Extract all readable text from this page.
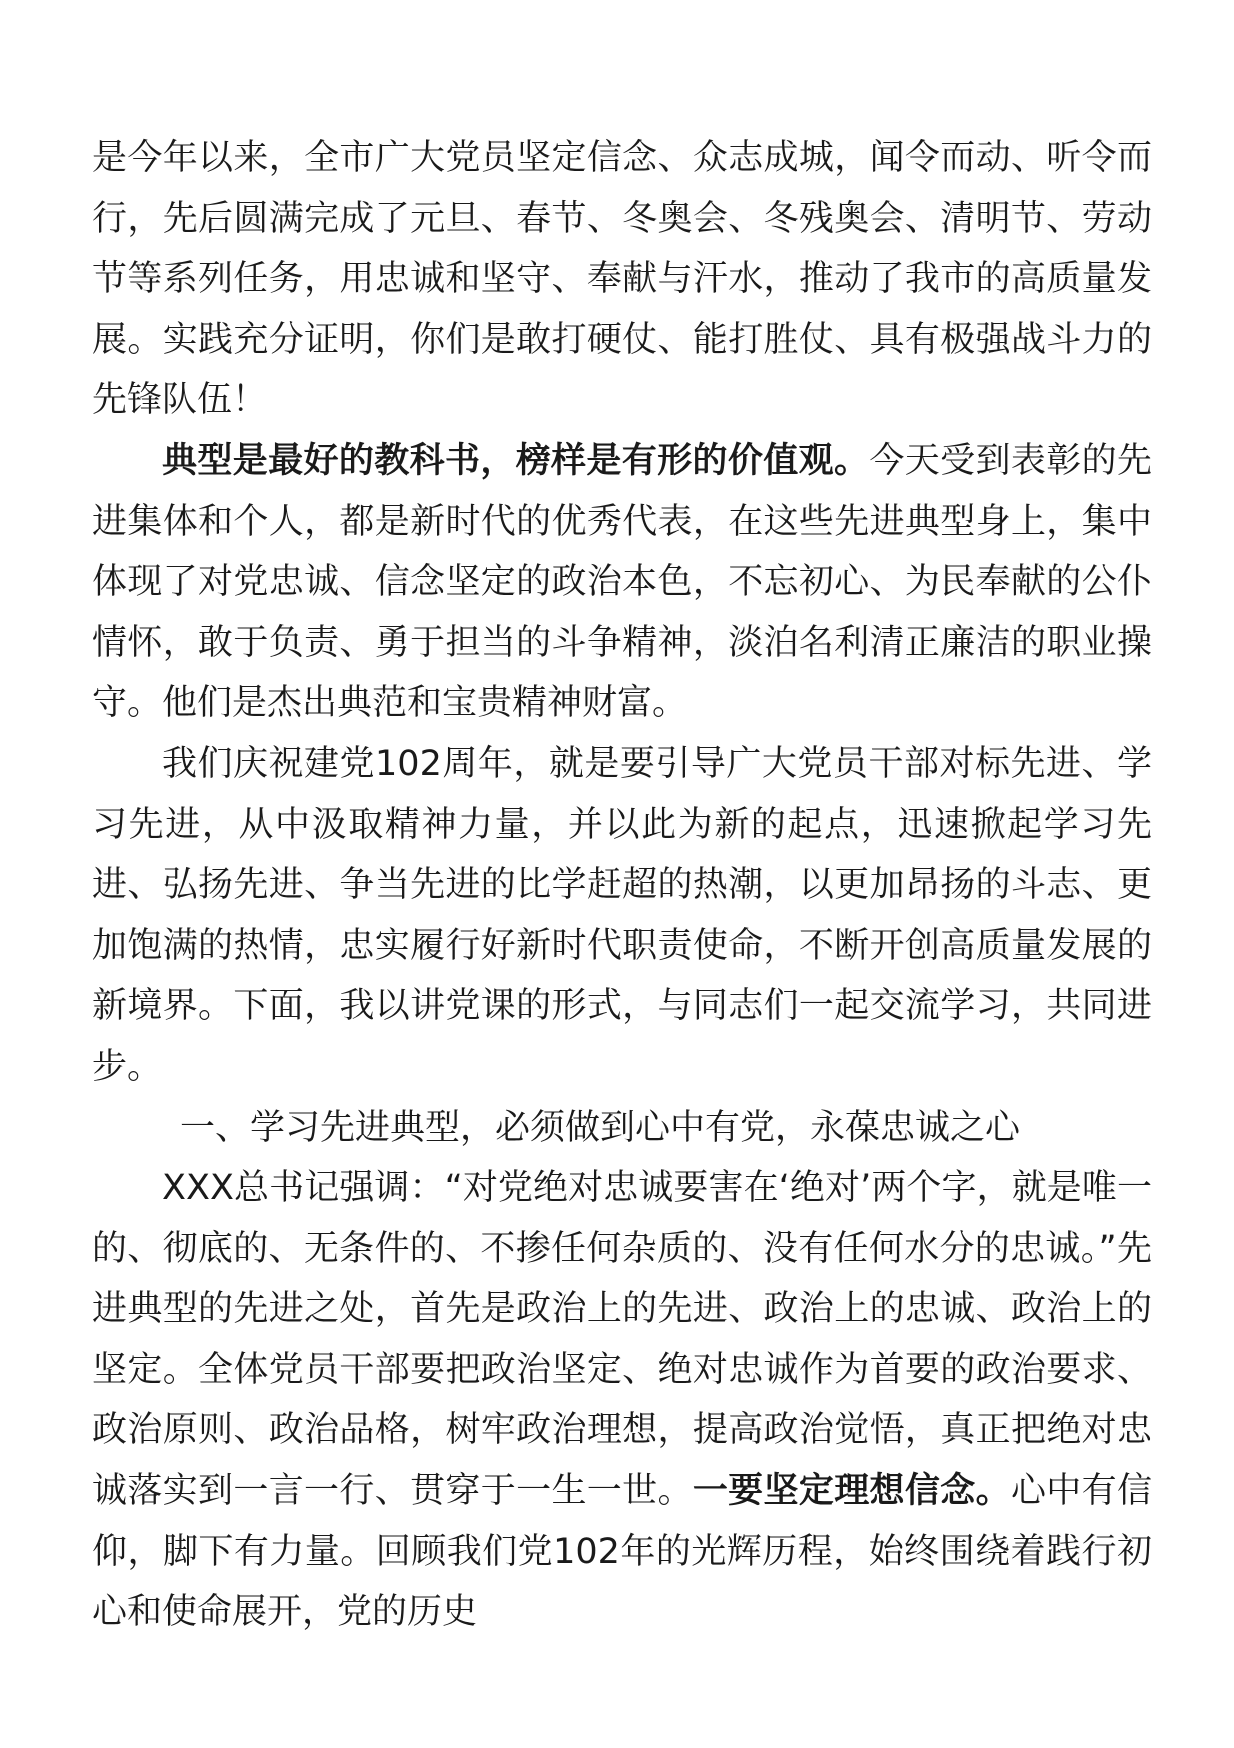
是今年以来，全市广大党员坚定信念、众志成城，闻令而动、听令而行，先后圆满完成了元旦、春节、冬奥会、冬残奥会、清明节、劳动节等系列任务，用忠诚和坚守、奉献与汗水，推动了我市的高质量发展。实践充分证明，你们是敢打硬仗、能打胜仗、具有极强战斗力的先锋队伍！

典型是最好的教科书，榜样是有形的价值观。今天受到表彰的先进集体和个人，都是新时代的优秀代表，在这些先进典型身上，集中体现了对党忠诚、信念坚定的政治本色，不忘初心、为民奉献的公仆情怀，敢于负责、勇于担当的斗争精神，淡泊名利清正廉洁的职业操守。他们是杰出典范和宝贵精神财富。

我们庆祝建党102周年，就是要引导广大党员干部对标先进、学习先进，从中汲取精神力量，并以此为新的起点，迅速掀起学习先进、弘扬先进、争当先进的比学赶超的热潮，以更加昂扬的斗志、更加饱满的热情，忠实履行好新时代职责使命，不断开创高质量发展的新境界。下面，我以讲党课的形式，与同志们一起交流学习，共同进步。

一、学习先进典型，必须做到心中有党，永葆忠诚之心

XXX总书记强调：“对党绝对忠诚要害在‘绝对’两个字，就是唯一的、彻底的、无条件的、不掺任何杂质的、没有任何水分的忠诚。”先进典型的先进之处，首先是政治上的先进、政治上的忠诚、政治上的坚定。全体党员干部要把政治坚定、绝对忠诚作为首要的政治要求、政治原则、政治品格，树牢政治理想，提高政治觉悟，真正把绝对忠诚落实到一言一行、贯穿于一生一世。一要坚定理想信念。心中有信仰，脚下有力量。回顾我们党102年的光辉历程，始终围绕着践行初心和使命展开，党的历史
